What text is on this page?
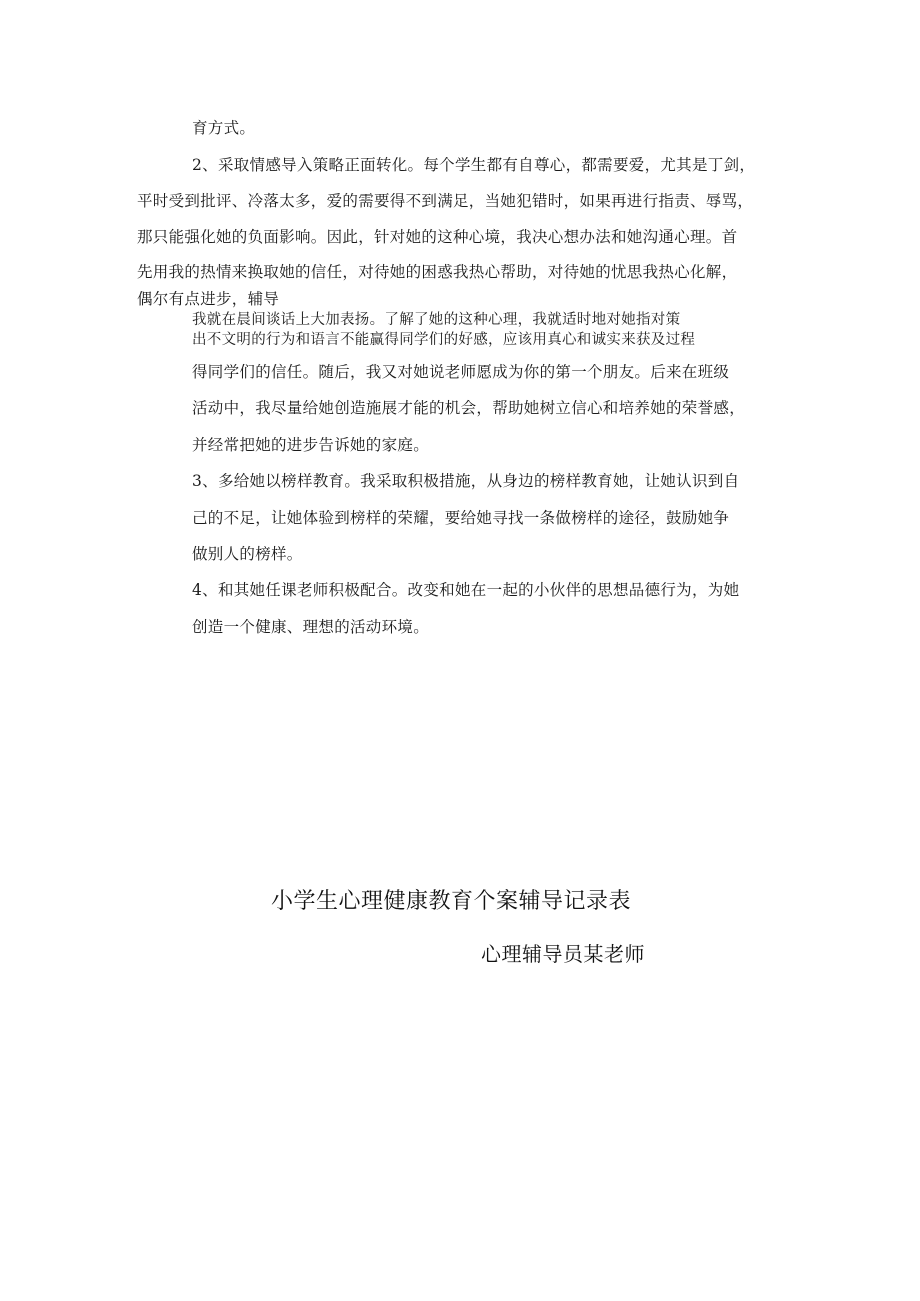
育方式。
2、采取情感导入策略正面转化。每个学生都有自尊心，都需要爱，尤其是丁剑，
平时受到批评、冷落太多，爱的需要得不到满足，当她犯错时，如果再进行指责、辱骂，
那只能强化她的负面影响。因此，针对她的这种心境，我决心想办法和她沟通心理。首
先用我的热情来换取她的信任，对待她的困惑我热心帮助，对待她的忧思我热心化解，
偶尔有点进步，辅导
我就在晨间谈话上大加表扬。了解了她的这种心理，我就适时地对她指对策
出不文明的行为和语言不能赢得同学们的好感，应该用真心和诚实来获及过程
得同学们的信任。随后，我又对她说老师愿成为你的第一个朋友。后来在班级
活动中，我尽量给她创造施展才能的机会，帮助她树立信心和培养她的荣誉感，
并经常把她的进步告诉她的家庭。
3、多给她以榜样教育。我采取积极措施，从身边的榜样教育她，让她认识到自
己的不足，让她体验到榜样的荣耀，要给她寻找一条做榜样的途径，鼓励她争
做别人的榜样。
4、和其她任课老师积极配合。改变和她在一起的小伙伴的思想品德行为，为她
创造一个健康、理想的活动环境。
小学生心理健康教育个案辅导记录表
心理辅导员某老师
